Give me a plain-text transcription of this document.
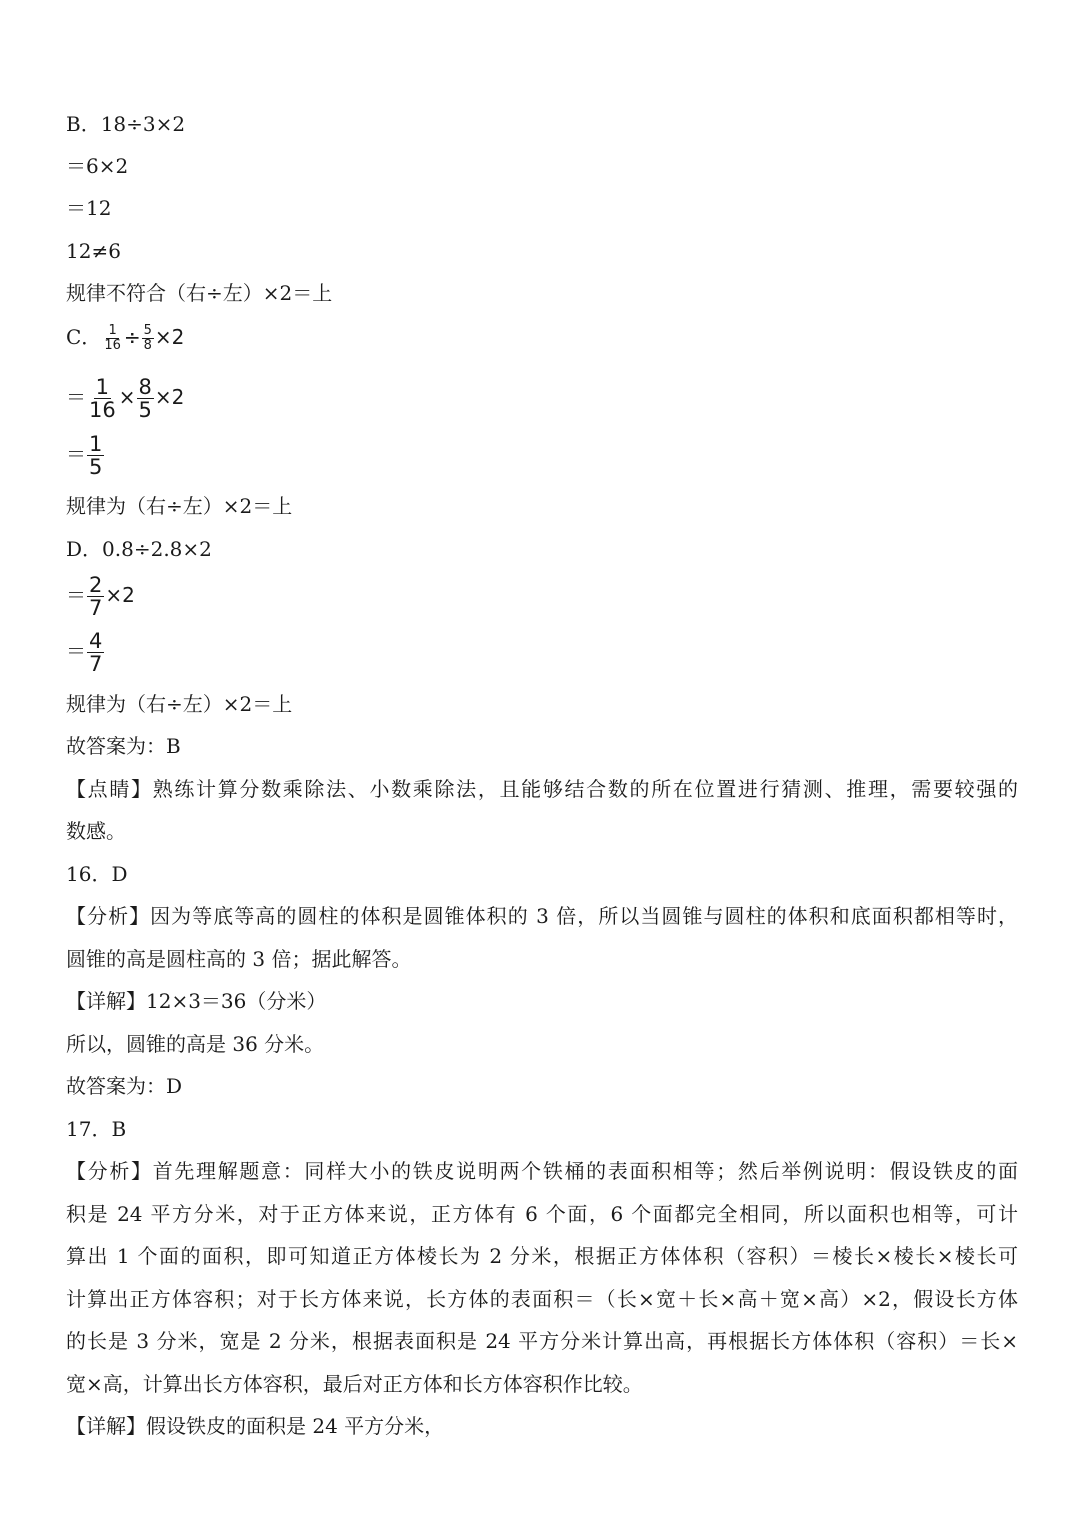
B．18÷3×2
＝6×2
＝12
12≠6
规律不符合（右÷左）×2＝上
C． $\frac{1}{16} \div \frac{5}{8} \times 2$
＝ $\frac{1}{16} \times \frac{8}{5} \times 2$
＝ $\frac{1}{5}$
规律为（右÷左）×2＝上
D．0.8÷2.8×2
＝ $\frac{2}{7} \times 2$
＝ $\frac{4}{7}$
规律为（右÷左）×2＝上
故答案为：B
【点睛】熟练计算分数乘除法、小数乘除法，且能够结合数的所在位置进行猜测、推理，需要较强的
数感。
16．D
【分析】因为等底等高的圆柱的体积是圆锥体积的 3 倍，所以当圆锥与圆柱的体积和底面积都相等时，
圆锥的高是圆柱高的 3 倍；据此解答。
【详解】12×3＝36（分米）
所以，圆锥的高是 36 分米。
故答案为：D
17．B
【分析】首先理解题意：同样大小的铁皮说明两个铁桶的表面积相等；然后举例说明：假设铁皮的面
积是 24 平方分米，对于正方体来说，正方体有 6 个面，6 个面都完全相同，所以面积也相等，可计
算出 1 个面的面积，即可知道正方体棱长为 2 分米，根据正方体体积（容积）＝棱长×棱长×棱长可
计算出正方体容积；对于长方体来说，长方体的表面积＝（长×宽＋长×高＋宽×高）×2，假设长方体
的长是 3 分米，宽是 2 分米，根据表面积是 24 平方分米计算出高，再根据长方体体积（容积）＝长×
宽×高，计算出长方体容积，最后对正方体和长方体容积作比较。
【详解】假设铁皮的面积是 24 平方分米，
